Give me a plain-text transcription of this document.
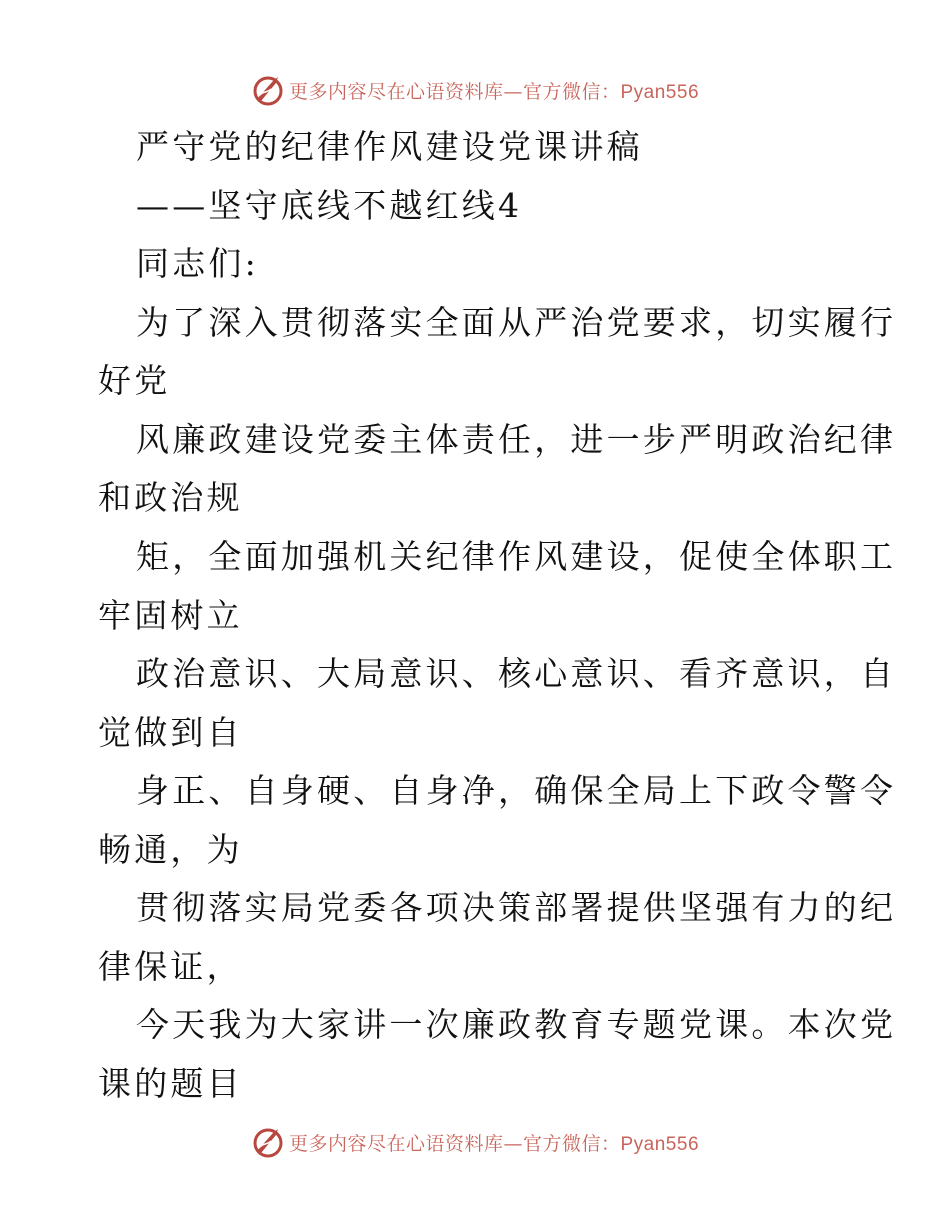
更多内容尽在心语资料库—官方微信：Pyan556
严守党的纪律作风建设党课讲稿
——坚守底线不越红线4
同志们:
为了深入贯彻落实全面从严治党要求，切实履行
好党
风廉政建设党委主体责任，进一步严明政治纪律
和政治规
矩，全面加强机关纪律作风建设，促使全体职工
牢固树立
政治意识、大局意识、核心意识、看齐意识，自
觉做到自
身正、自身硬、自身净，确保全局上下政令警令
畅通，为
贯彻落实局党委各项决策部署提供坚强有力的纪
律保证，
今天我为大家讲一次廉政教育专题党课。本次党
课的题目
更多内容尽在心语资料库—官方微信：Pyan556
